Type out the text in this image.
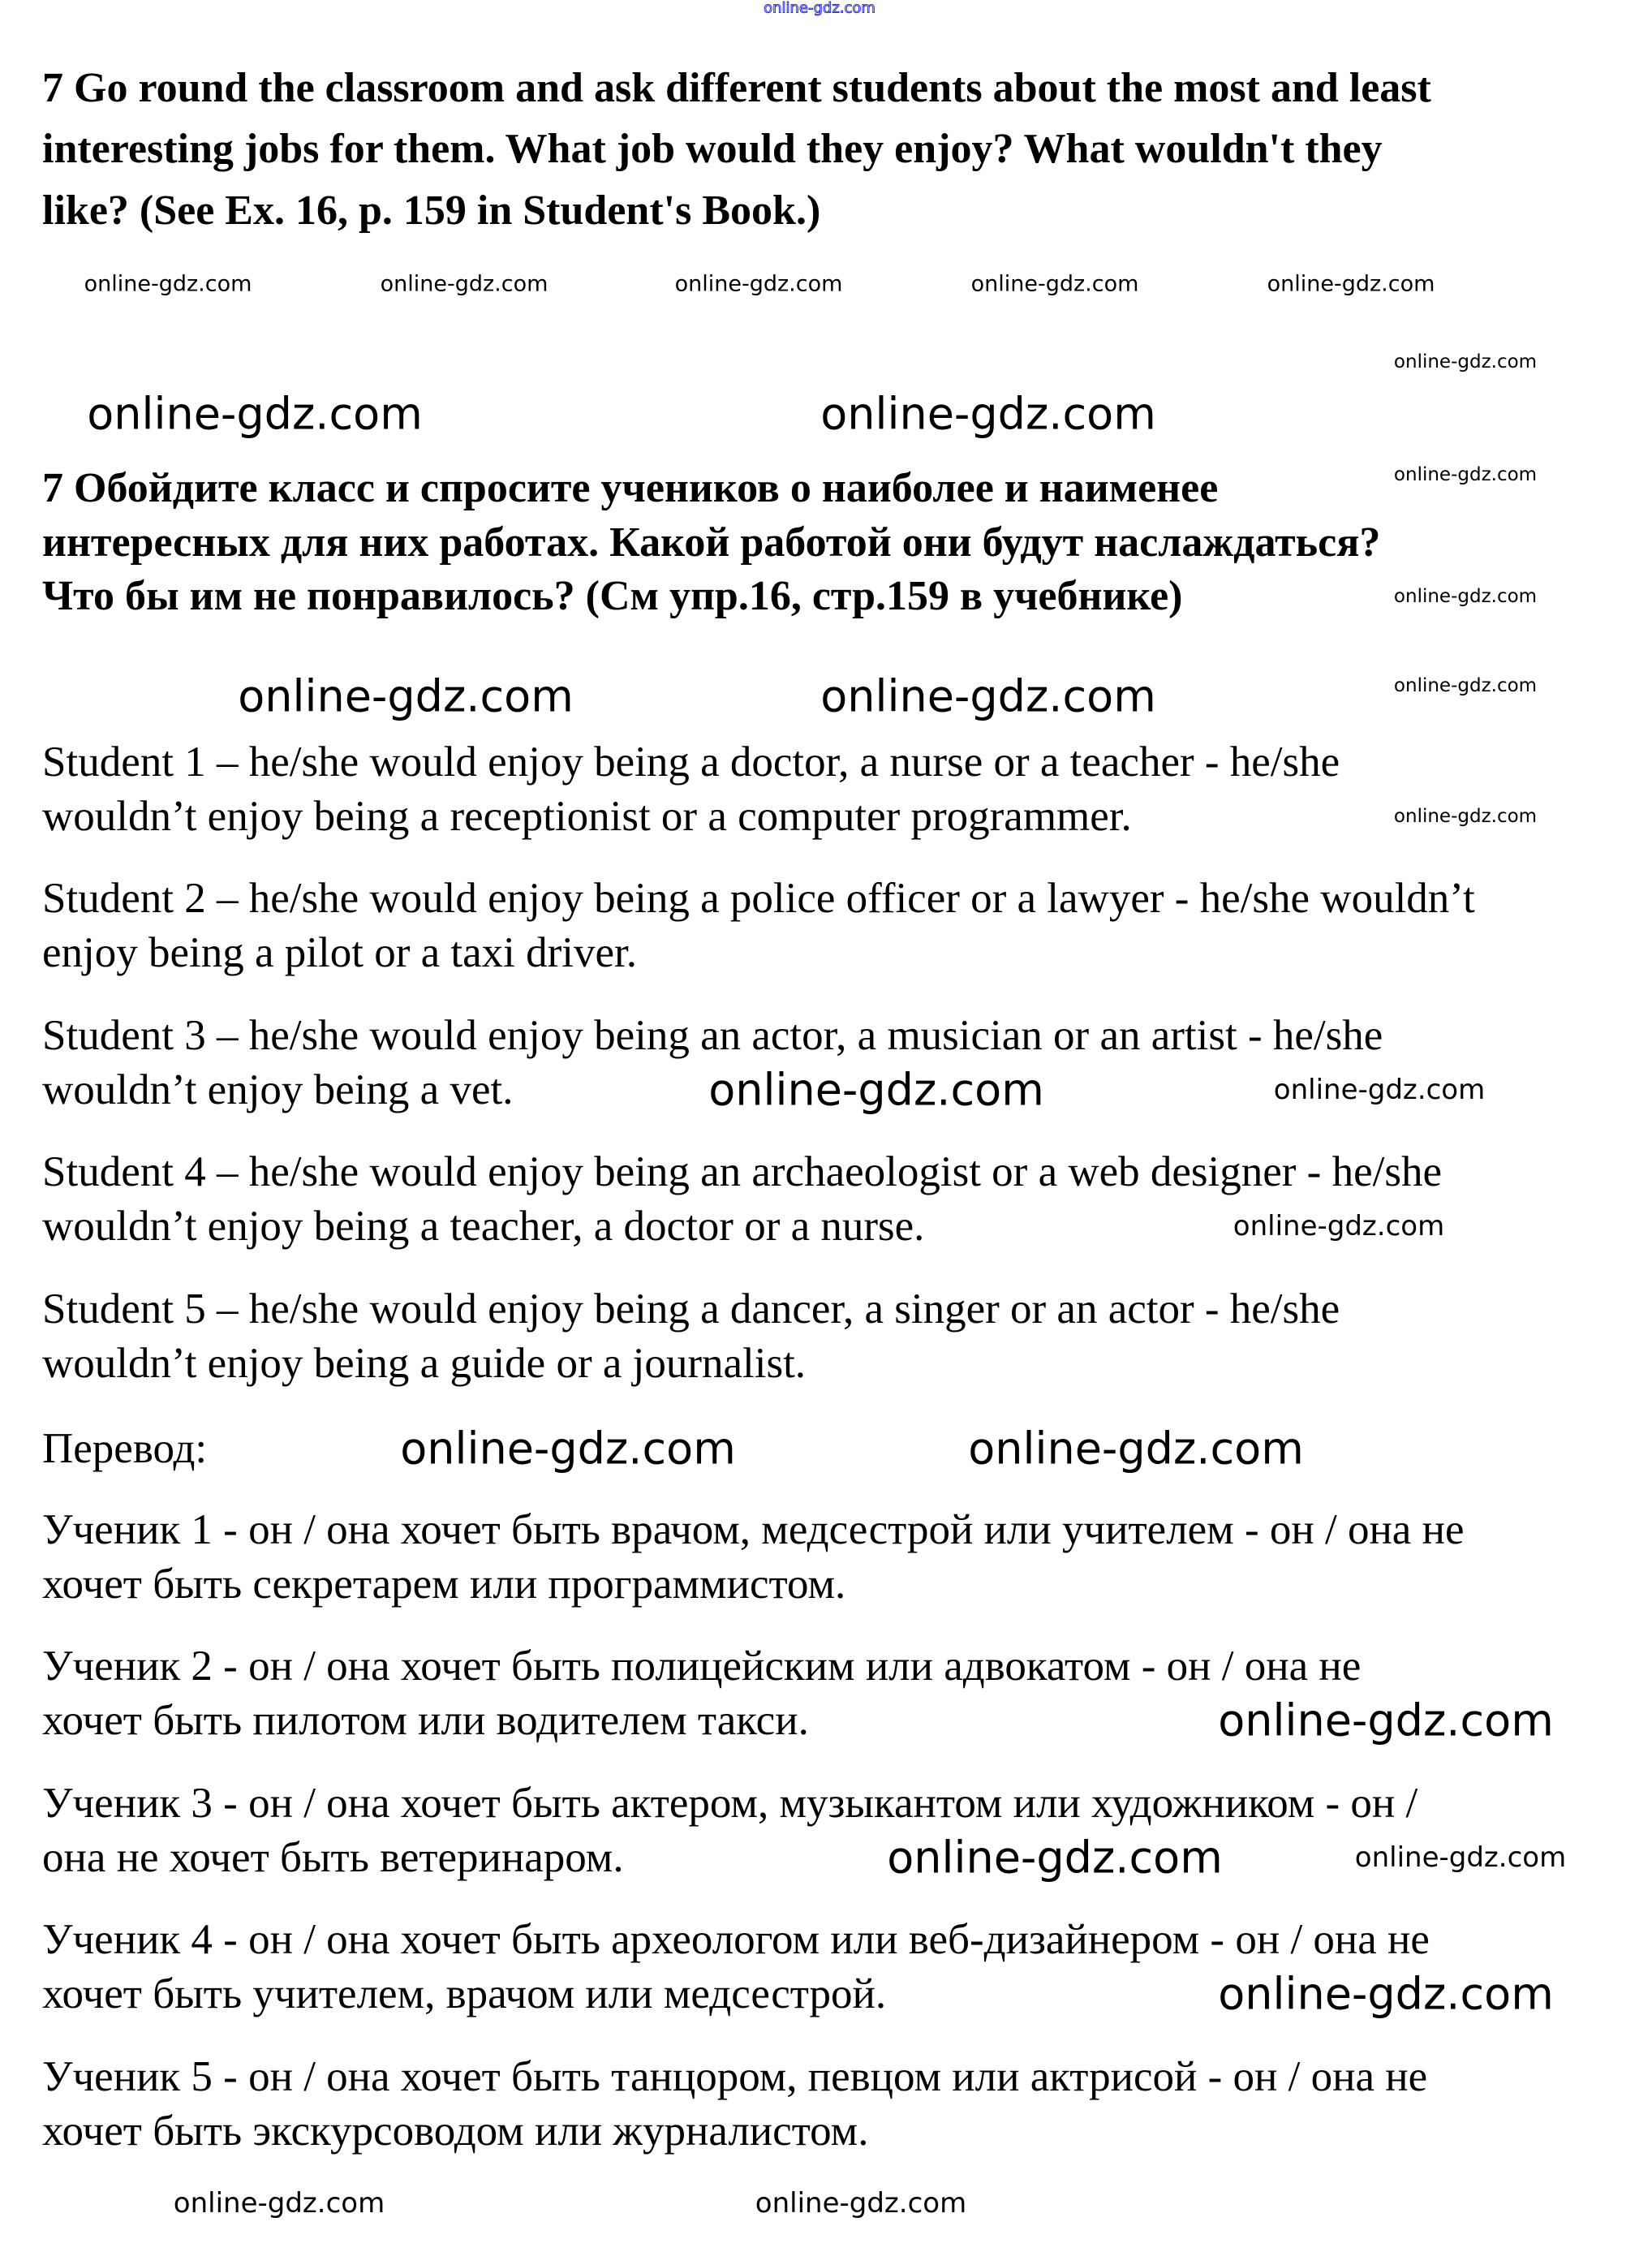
online-gdz.com
7 Go round the classroom and ask different students about the most and least
interesting jobs for them. What job would they enjoy? What wouldn't they
like? (See Ex. 16, p. 159 in Student's Book.)
7 Обойдите класс и спросите учеников о наиболее и наименее
интересных для них работах. Какой работой они будут наслаждаться?
Что бы им не понравилось? (См упр.16, стр.159 в учебнике)
Student 1 – he/she would enjoy being a doctor, a nurse or a teacher - he/she
wouldn’t enjoy being a receptionist or a computer programmer.
Student 2 – he/she would enjoy being a police officer or a lawyer - he/she wouldn’t
enjoy being a pilot or a taxi driver.
Student 3 – he/she would enjoy being an actor, a musician or an artist - he/she
wouldn’t enjoy being a vet.
Student 4 – he/she would enjoy being an archaeologist or a web designer - he/she
wouldn’t enjoy being a teacher, a doctor or a nurse.
Student 5 – he/she would enjoy being a dancer, a singer or an actor - he/she
wouldn’t enjoy being a guide or a journalist.
Перевод:
Ученик 1 - он / она хочет быть врачом, медсестрой или учителем - он / она не
хочет быть секретарем или программистом.
Ученик 2 - он / она хочет быть полицейским или адвокатом - он / она не
хочет быть пилотом или водителем такси.
Ученик 3 - он / она хочет быть актером, музыкантом или художником - он /
она не хочет быть ветеринаром.
Ученик 4 - он / она хочет быть археологом или веб-дизайнером - он / она не
хочет быть учителем, врачом или медсестрой.
Ученик 5 - он / она хочет быть танцором, певцом или актрисой - он / она не
хочет быть экскурсоводом или журналистом.
online-gdz.com	online-gdz.com	online-gdz.com	online-gdz.com	online-gdz.com
online-gdz.com
online-gdz.com
online-gdz.com
online-gdz.com
online-gdz.com
online-gdz.com	online-gdz.com
online-gdz.com	online-gdz.com
online-gdz.com
online-gdz.com
online-gdz.com
online-gdz.com	online-gdz.com
online-gdz.com
online-gdz.com
online-gdz.com
online-gdz.com
online-gdz.com	online-gdz.com
